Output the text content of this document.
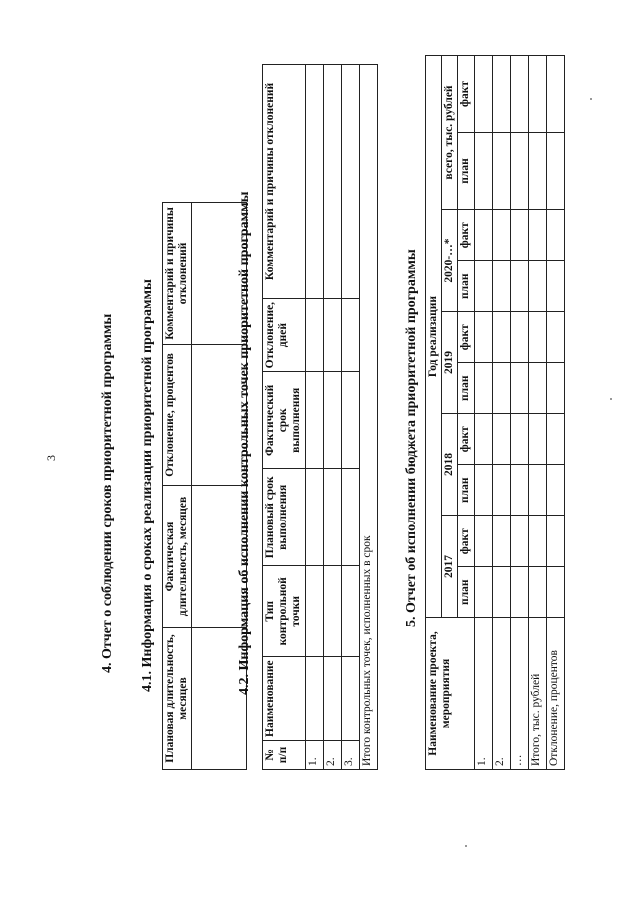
3	4. Отчет о соблюдении сроков приоритетной программы 4.1. Информация о сроках реализации приоритетной программы
Плановая длительность, месяцев	Фактическая длительность, месяцев	Отклонение, процентов	Комментарий и причины отклонений
				4.2. Информация об исполнении контрольных точек приоритетной программы
№ п/п	Наименование	Тип контрольной точки	Плановый срок выполнения	Фактический срок выполнения	Отклонение, дней	Комментарий и причины отклонений
1.						
2.						
3.						
Итого контрольных точек, исполненных в срок						
5. Отчет об исполнении бюджета приоритетной программы
Наименование проекта, мероприятия	Год реализации									
	2017		2018		2019		2020-…*		всего, тыс. рублей	
	план	факт	план	факт	план	факт	план	факт	план	факт
1.										
2.										
…										
Итого, тыс. рублей										
Отклонение, процентов										
